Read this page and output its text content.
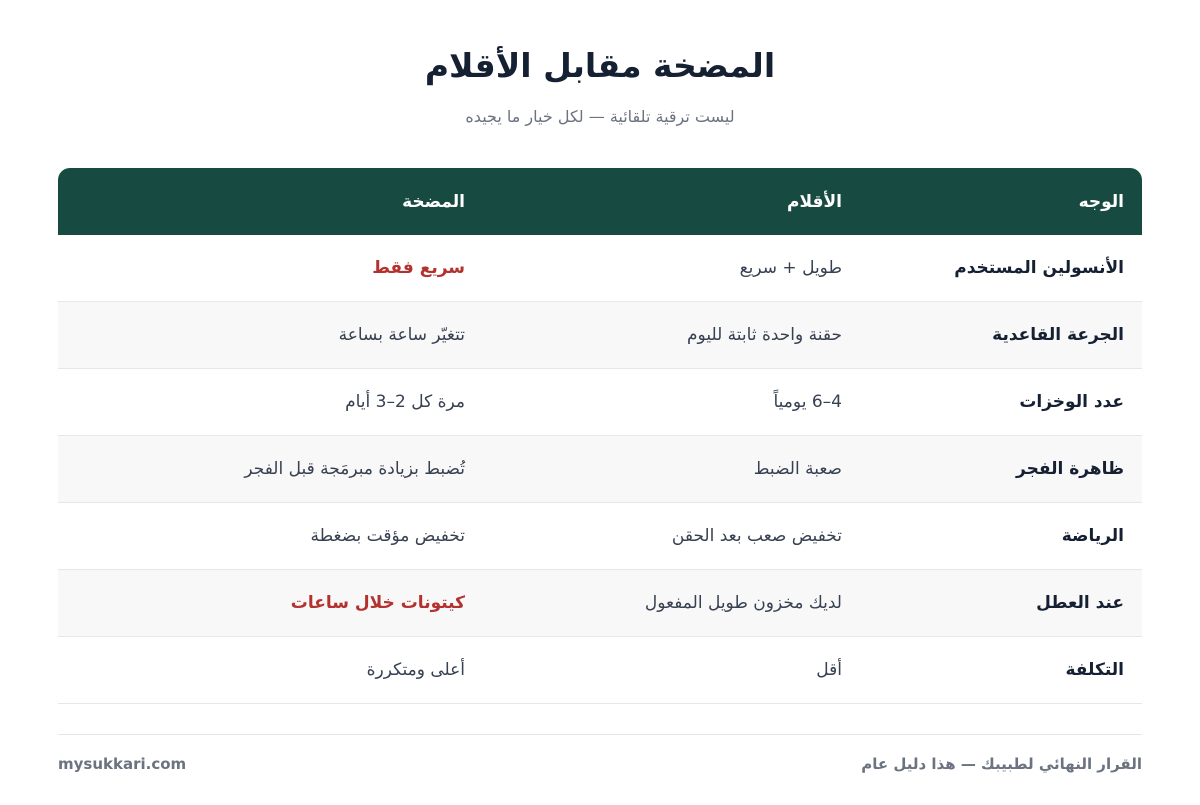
المضخة مقابل الأقلام

ليست ترقية تلقائية — لكل خيار ما يجيده

الوجه
الأقلام
المضخة
الأنسولين المستخدم
طويل + سريع
سريع فقط
الجرعة القاعدية
حقنة واحدة ثابتة لليوم
تتغيّر ساعة بساعة
عدد الوخزات
4–6 يومياً
مرة كل 2–3 أيام
ظاهرة الفجر
صعبة الضبط
تُضبط بزيادة مبرمَجة قبل الفجر
الرياضة
تخفيض صعب بعد الحقن
تخفيض مؤقت بضغطة
عند العطل
لديك مخزون طويل المفعول
كيتونات خلال ساعات
التكلفة
أقل
أعلى ومتكررة
القرار النهائي لطبيبك — هذا دليل عام
mysukkari.com
